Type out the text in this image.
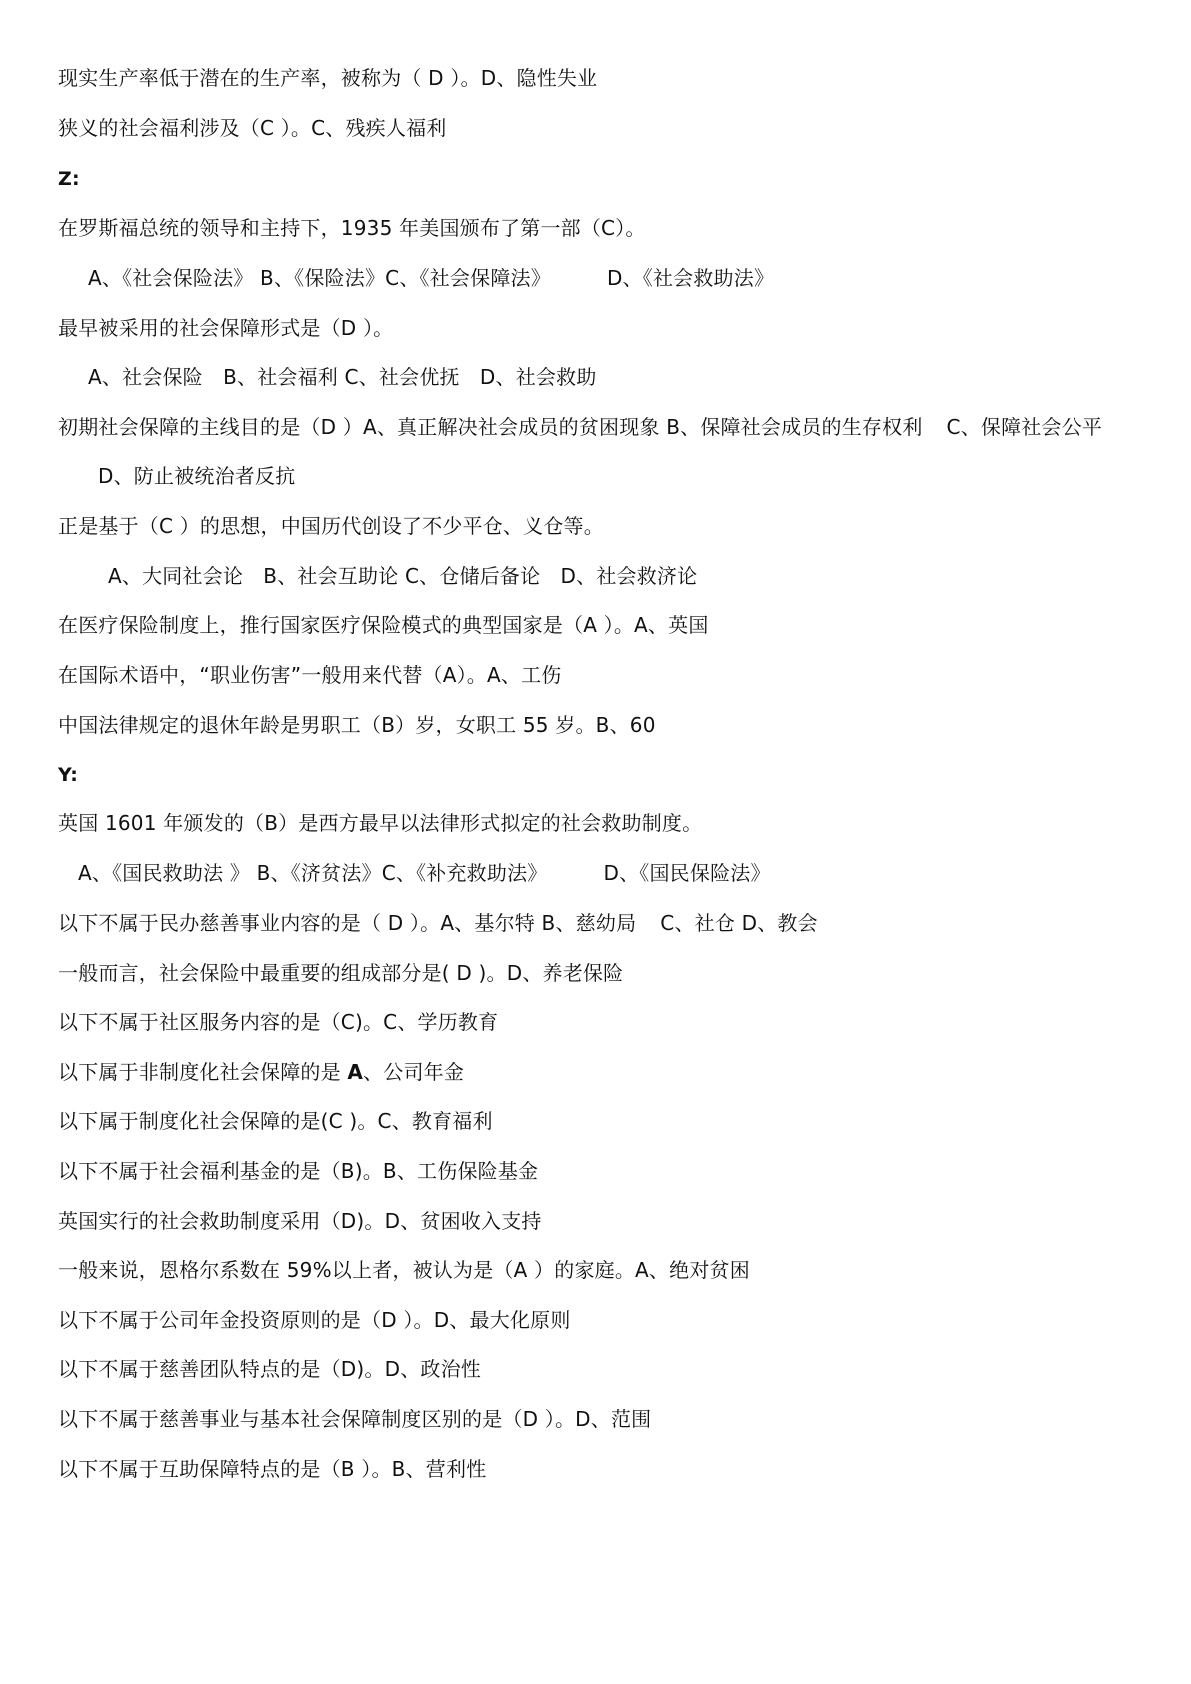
现实生产率低于潜在的生产率，被称为（ D ）。D、隐性失业
狭义的社会福利涉及（C ）。C、残疾人福利
Z:
在罗斯福总统的领导和主持下，1935 年美国颁布了第一部（C）。
A、《社会保险法》 B、《保险法》C、《社会保障法》	D、《社会救助法》
最早被采用的社会保障形式是（D ）。
A、社会保险　B、社会福利 C、社会优抚　D、社会救助
初期社会保障的主线目的是（D ）A、真正解决社会成员的贫困现象 B、保障社会成员的生存权利 C、保障社会公平
D、防止被统治者反抗
正是基于（C ）的思想，中国历代创设了不少平仓、义仓等。
A、大同社会论　B、社会互助论 C、仓储后备论　D、社会救济论
在医疗保险制度上，推行国家医疗保险模式的典型国家是（A ）。A、英国
在国际术语中，“职业伤害”一般用来代替（A）。A、工伤
中国法律规定的退休年龄是男职工（B）岁，女职工 55 岁。B、60
Y:
英国 1601 年颁发的（B）是西方最早以法律形式拟定的社会救助制度。
A、《国民救助法 》 B、《济贫法》C、《补充救助法》	D、《国民保险法》
以下不属于民办慈善事业内容的是（ D ）。A、基尔特 B、慈幼局 C、社仓 D、教会
一般而言，社会保险中最重要的组成部分是( D )。D、养老保险
以下不属于社区服务内容的是（C)。C、学历教育
以下属于非制度化社会保障的是 A、公司年金
以下属于制度化社会保障的是(C )。C、教育福利
以下不属于社会福利基金的是（B)。B、工伤保险基金
英国实行的社会救助制度采用（D)。D、贫困收入支持
一般来说，恩格尔系数在 59%以上者，被认为是（A ）的家庭。A、绝对贫困
以下不属于公司年金投资原则的是（D ）。D、最大化原则
以下不属于慈善团队特点的是（D)。D、政治性
以下不属于慈善事业与基本社会保障制度区别的是（D ）。D、范围
以下不属于互助保障特点的是（B ）。B、营利性
